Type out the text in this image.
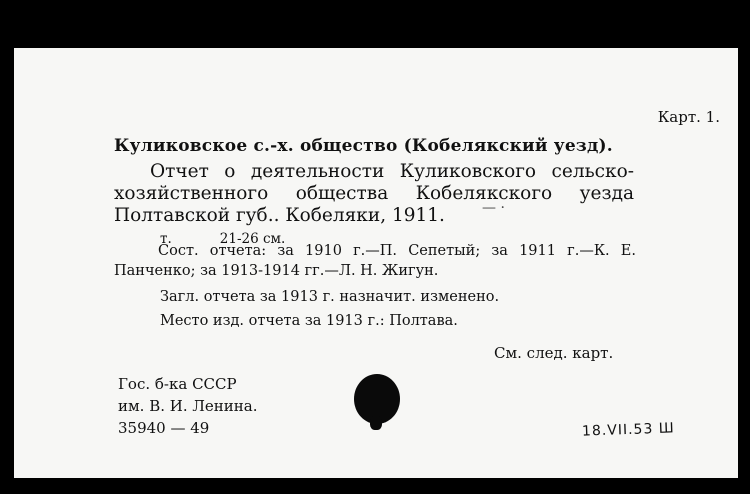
Карт. 1.
Куликовское с.-х. общество (Кобелякский уезд).

Отчет о деятельности Куликовского сельско-хозяйственного общества Кобелякского уезда Полтавской губ.. Кобеляки, 1911.	— ·
т.	21-26 см.

Сост. отчета: за 1910 г.—П. Сепетый; за 1911 г.—К. Е. Панченко; за 1913-1914 гг.—Л. Н. Жигун.

Загл. отчета за 1913 г. назначит. изменено.
Место изд. отчета за 1913 г.: Полтава.
См. след. карт.
Гос. б-ка СССР
им. В. И. Ленина.
35940 — 49	18.VII.53 Ш
